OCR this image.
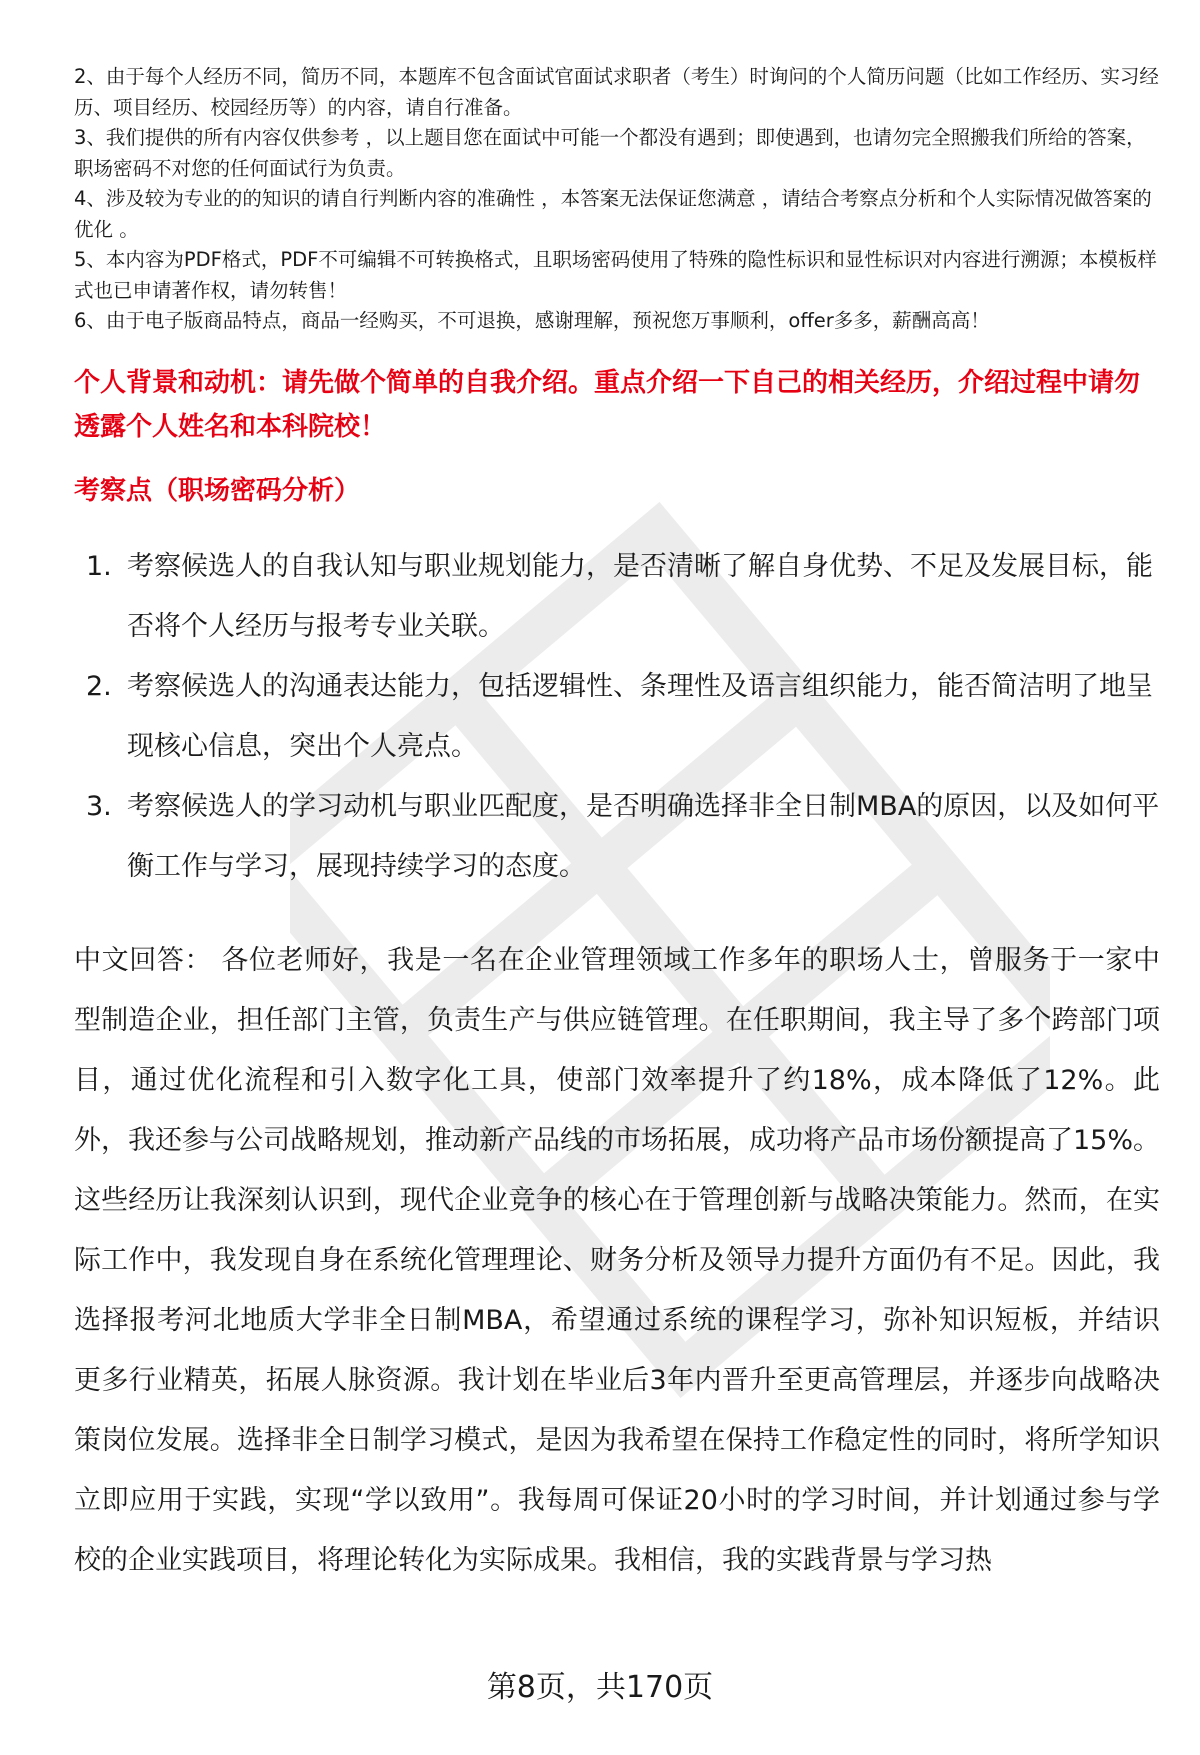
2、由于每个人经历不同，简历不同，本题库不包含面试官面试求职者（考生）时询问的个人简历问题（比如工作经历、实习经历、项目经历、校园经历等）的内容，请自行准备。
3、我们提供的所有内容仅供参考 ，以上题目您在面试中可能一个都没有遇到；即使遇到，也请勿完全照搬我们所给的答案，职场密码不对您的任何面试行为负责。
4、涉及较为专业的的知识的请自行判断内容的准确性 ，本答案无法保证您满意 ，请结合考察点分析和个人实际情况做答案的优化 。
5、本内容为PDF格式，PDF不可编辑不可转换格式，且职场密码使用了特殊的隐性标识和显性标识对内容进行溯源；本模板样式也已申请著作权，请勿转售！
6、由于电子版商品特点，商品一经购买，不可退换，感谢理解，预祝您万事顺利，offer多多，薪酬高高！
个人背景和动机：请先做个简单的自我介绍。重点介绍一下自己的相关经历，介绍过程中请勿透露个人姓名和本科院校！
考察点（职场密码分析）
1. 考察候选人的自我认知与职业规划能力，是否清晰了解自身优势、不足及发展目标，能否将个人经历与报考专业关联。
2. 考察候选人的沟通表达能力，包括逻辑性、条理性及语言组织能力，能否简洁明了地呈现核心信息，突出个人亮点。
3. 考察候选人的学习动机与职业匹配度，是否明确选择非全日制MBA的原因，以及如何平衡工作与学习，展现持续学习的态度。
中文回答： 各位老师好，我是一名在企业管理领域工作多年的职场人士，曾服务于一家中型制造企业，担任部门主管，负责生产与供应链管理。在任职期间，我主导了多个跨部门项目，通过优化流程和引入数字化工具，使部门效率提升了约18%，成本降低了12%。此外，我还参与公司战略规划，推动新产品线的市场拓展，成功将产品市场份额提高了15%。这些经历让我深刻认识到，现代企业竞争的核心在于管理创新与战略决策能力。然而，在实际工作中，我发现自身在系统化管理理论、财务分析及领导力提升方面仍有不足。因此，我选择报考河北地质大学非全日制MBA，希望通过系统的课程学习，弥补知识短板，并结识更多行业精英，拓展人脉资源。我计划在毕业后3年内晋升至更高管理层，并逐步向战略决策岗位发展。选择非全日制学习模式，是因为我希望在保持工作稳定性的同时，将所学知识立即应用于实践，实现“学以致用”。我每周可保证20小时的学习时间，并计划通过参与学校的企业实践项目，将理论转化为实际成果。我相信，我的实践背景与学习热
第8页，共170页
